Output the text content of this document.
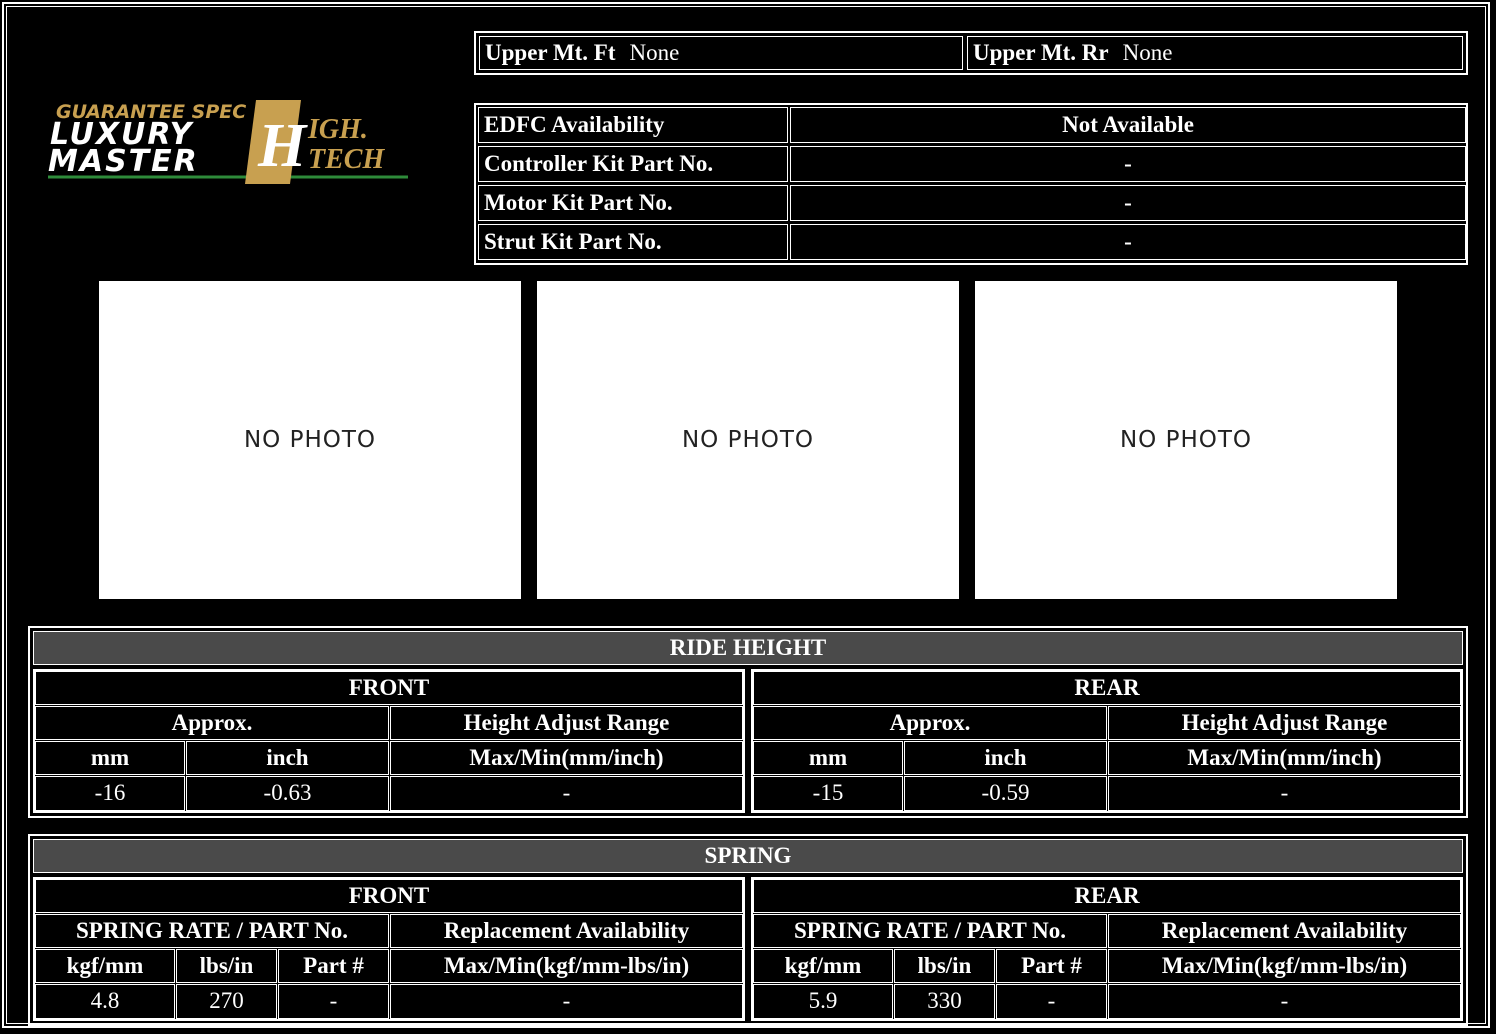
Upper Mt. Ft None	Upper Mt. Rr None
GUARANTEE SPEC
LUXURY
MASTER H IGH.
TECH
EDFC Availability	Not Available
Controller Kit Part No.	-
Motor Kit Part No.	-
Strut Kit Part No.	-
NO PHOTO	NO PHOTO	NO PHOTO
RIDE HEIGHT
FRONT
Approx.	Height Adjust Range
mm	inch	Max/Min(mm/inch)
-16	-0.63	-
REAR
Approx.	Height Adjust Range
mm	inch	Max/Min(mm/inch)
-15	-0.59	-
SPRING
FRONT
SPRING RATE / PART No.	Replacement Availability
kgf/mm	lbs/in	Part #	Max/Min(kgf/mm-lbs/in)
4.8	270	-	-
REAR
SPRING RATE / PART No.	Replacement Availability
kgf/mm	lbs/in	Part #	Max/Min(kgf/mm-lbs/in)
5.9	330	-	-
